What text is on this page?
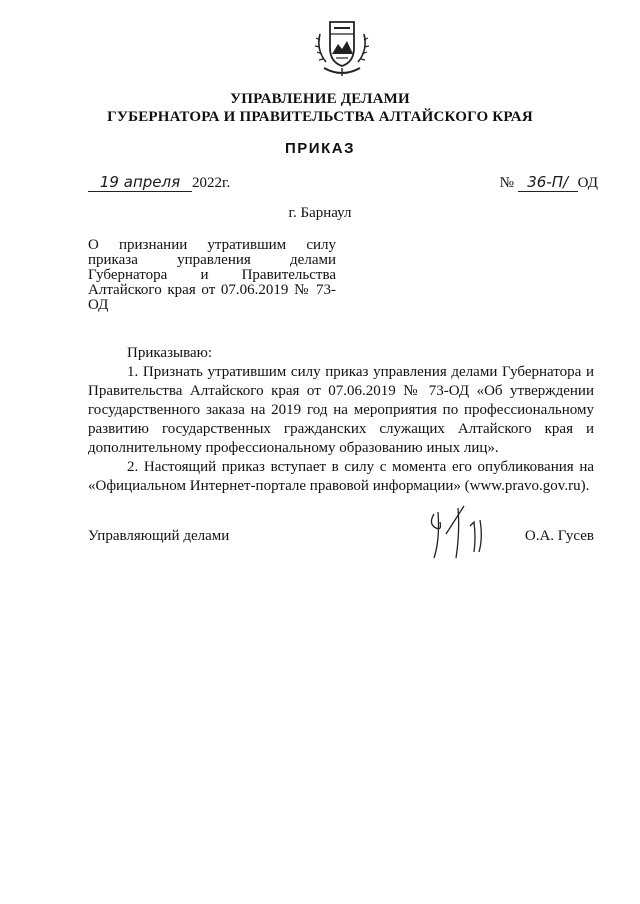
УПРАВЛЕНИЕ ДЕЛАМИ
ГУБЕРНАТОРА И ПРАВИТЕЛЬСТВА АЛТАЙСКОГО КРАЯ
ПРИКАЗ
19 апреля 2022г.	№ 36-П/ ОД
г. Барнаул
О признании утратившим силу приказа управления делами Губернатора и Правительства Алтайского края от 07.06.2019 № 73-ОД

Приказываю:

1. Признать утратившим силу приказ управления делами Губернатора и Правительства Алтайского края от 07.06.2019 № 73-ОД «Об утверждении государственного заказа на 2019 год на мероприятия по профессиональному развитию государственных гражданских служащих Алтайского края и дополнительному профессиональному образованию иных лиц».

2. Настоящий приказ вступает в силу с момента его опубликования на «Официальном Интернет-портале правовой информации» (www.pravo.gov.ru).

Управляющий делами	О.А. Гусев
